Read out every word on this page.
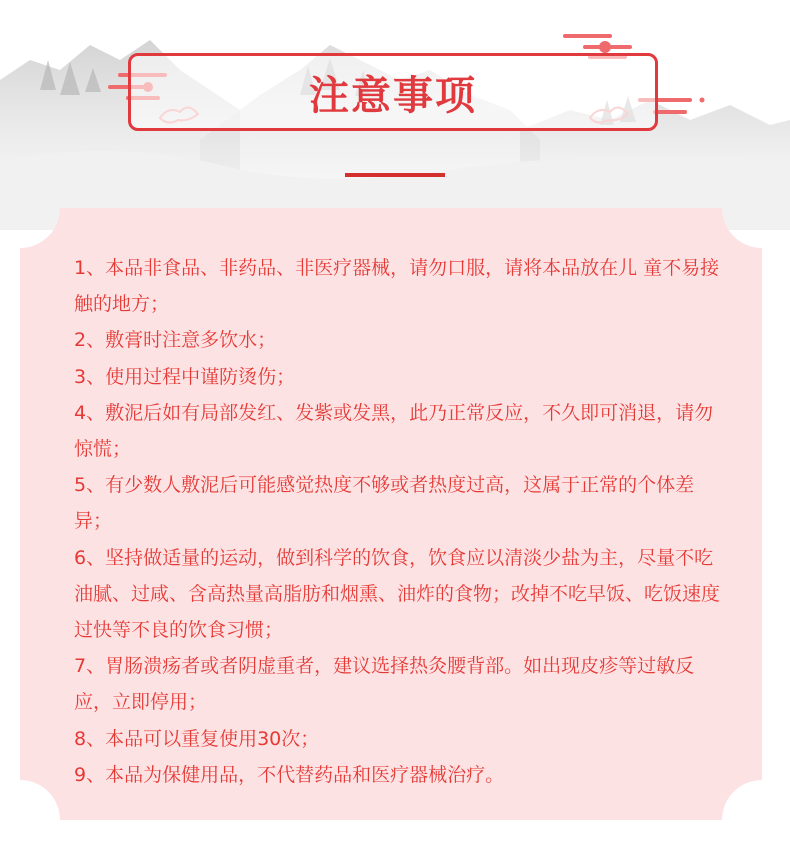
注意事项
1、本品非食品、非药品、非医疗器械，请勿口服，请将本品放在儿 童不易接触的地方；
2、敷膏时注意多饮水；
3、使用过程中谨防烫伤；
4、敷泥后如有局部发红、发紫或发黑，此乃正常反应，不久即可消退，请勿惊慌；
5、有少数人敷泥后可能感觉热度不够或者热度过高，这属于正常的个体差异；
6、坚持做适量的运动，做到科学的饮食，饮食应以清淡少盐为主，尽量不吃油腻、过咸、含高热量高脂肪和烟熏、油炸的食物；改掉不吃早饭、吃饭速度过快等不良的饮食习惯；
7、胃肠溃疡者或者阴虚重者，建议选择热灸腰背部。如出现皮疹等过敏反应，立即停用；
8、本品可以重复使用30次；
9、本品为保健用品，不代替药品和医疗器械治疗。
